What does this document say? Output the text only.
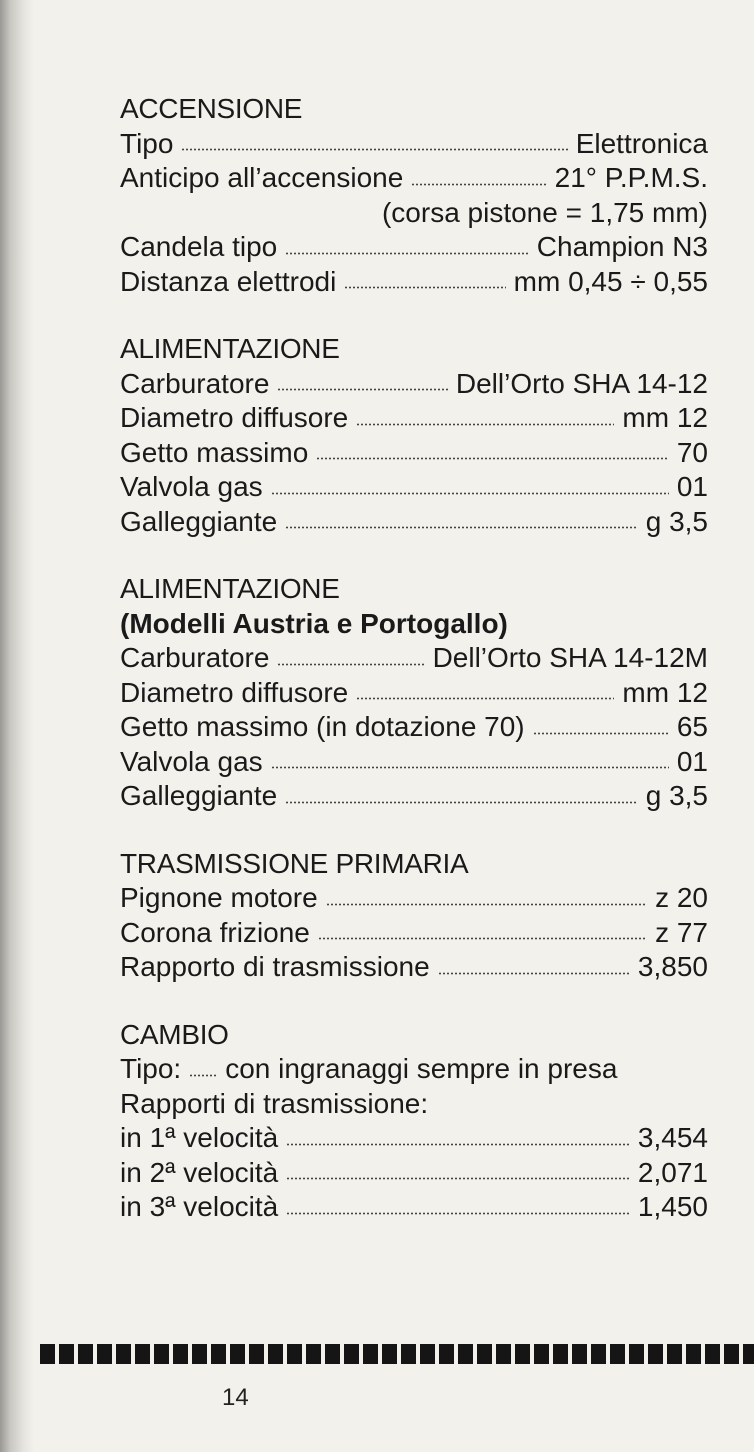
ACCENSIONE
Tipo	Elettronica
Anticipo all’accensione	21° P.P.M.S.
(corsa pistone = 1,75 mm)
Candela tipo	Champion N3
Distanza elettrodi	mm 0,45 ÷ 0,55
ALIMENTAZIONE
Carburatore	Dell’Orto SHA 14-12
Diametro diffusore	mm 12
Getto massimo	70
Valvola gas	01
Galleggiante	g 3,5
ALIMENTAZIONE
(Modelli Austria e Portogallo)
Carburatore	Dell’Orto SHA 14-12M
Diametro diffusore	mm 12
Getto massimo (in dotazione 70)	65
Valvola gas	01
Galleggiante	g 3,5
TRASMISSIONE PRIMARIA
Pignone motore	z 20
Corona frizione	z 77
Rapporto di trasmissione	3,850
CAMBIO
Tipo: con ingranaggi sempre in presa
Rapporti di trasmissione:
in 1ª velocità	3,454
in 2ª velocità	2,071
in 3ª velocità	1,450
14
